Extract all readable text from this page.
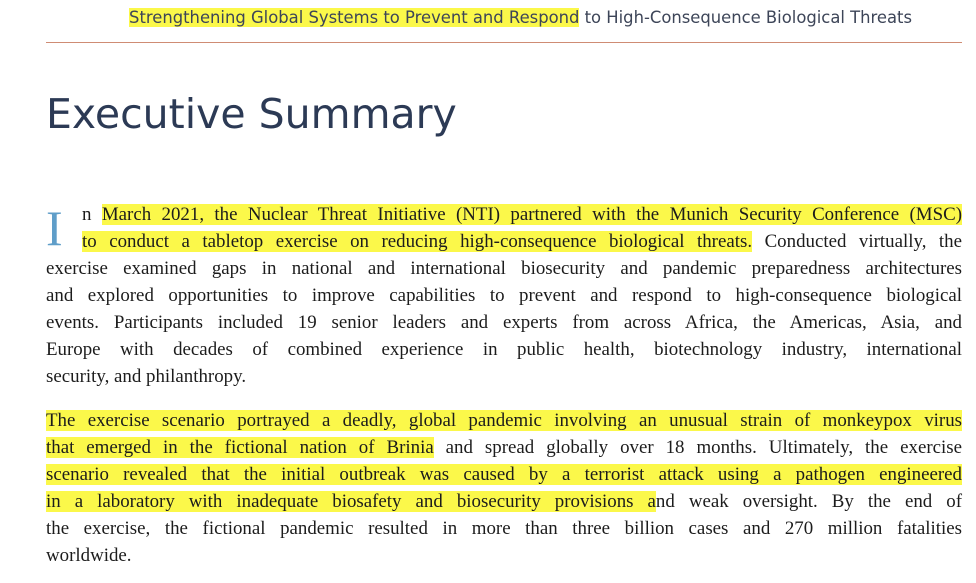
Strengthening Global Systems to Prevent and Respond to High-Consequence Biological Threats
Executive Summary
I	n March 2021, the Nuclear Threat Initiative (NTI) partnered with the Munich Security Conference (MSC)
to conduct a tabletop exercise on reducing high-consequence biological threats. Conducted virtually, the
exercise examined gaps in national and international biosecurity and pandemic preparedness architectures
and explored opportunities to improve capabilities to prevent and respond to high-consequence biological
events. Participants included 19 senior leaders and experts from across Africa, the Americas, Asia, and
Europe with decades of combined experience in public health, biotechnology industry, international
security, and philanthropy.
The exercise scenario portrayed a deadly, global pandemic involving an unusual strain of monkeypox virus
that emerged in the fictional nation of Brinia and spread globally over 18 months. Ultimately, the exercise
scenario revealed that the initial outbreak was caused by a terrorist attack using a pathogen engineered
in a laboratory with inadequate biosafety and biosecurity provisions and weak oversight. By the end of
the exercise, the fictional pandemic resulted in more than three billion cases and 270 million fatalities
worldwide.
